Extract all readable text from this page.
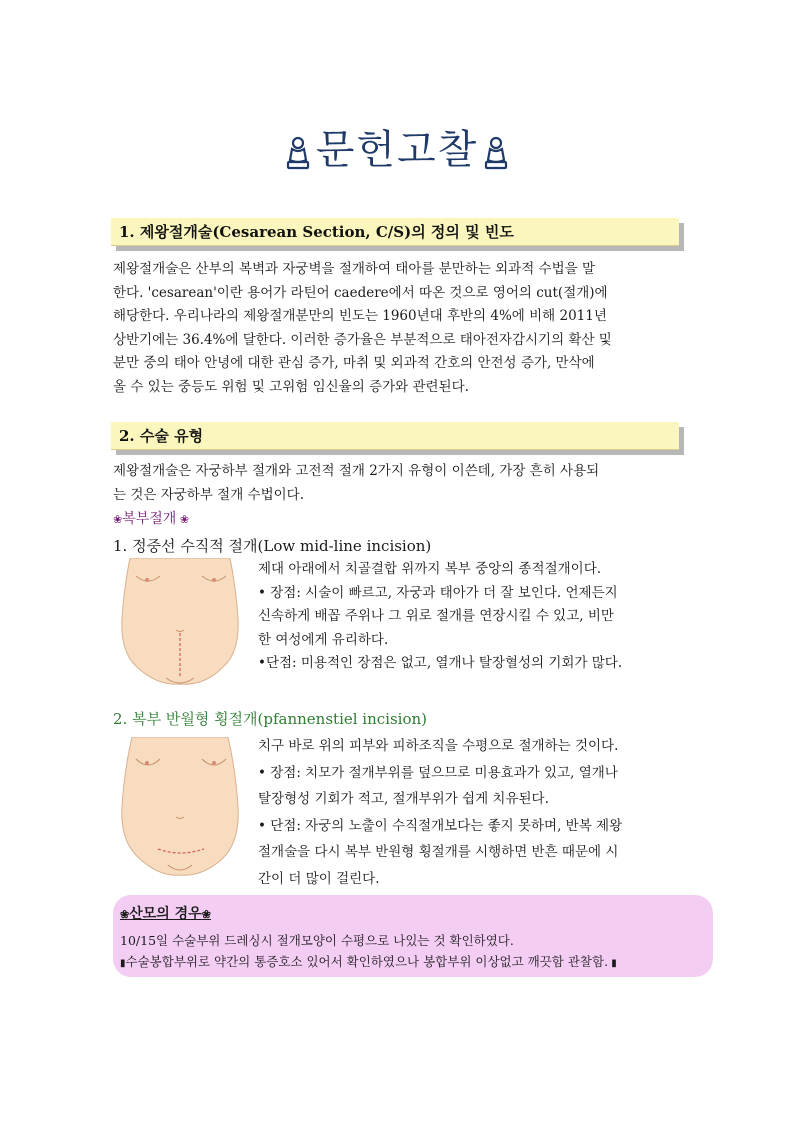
문헌고찰
1. 제왕절개술(Cesarean Section, C/S)의 정의 및 빈도

제왕절개술은 산부의 복벽과 자궁벽을 절개하여 태아를 분만하는 외과적 수법을 말

한다. 'cesarean'이란 용어가 라틴어 caedere에서 따온 것으로 영어의 cut(절개)에

해당한다. 우리나라의 제왕절개분만의 빈도는 1960년대 후반의 4%에 비해 2011년

상반기에는 36.4%에 달한다. 이러한 증가율은 부분적으로 태아전자감시기의 확산 및

분만 중의 태아 안녕에 대한 관심 증가, 마취 및 외과적 간호의 안전성 증가, 만삭에

올 수 있는 중등도 위험 및 고위험 임신율의 증가와 관련된다.

2. 수술 유형

제왕절개술은 자궁하부 절개와 고전적 절개 2가지 유형이 이쓴데, 가장 흔히 사용되

는 것은 자궁하부 절개 수법이다.

❀복부절개 ❀
1. 정중선 수직적 절개(Low mid-line incision)

제대 아래에서 치골결합 위까지 복부 중앙의 종적절개이다.

• 장점: 시술이 빠르고, 자궁과 태아가 더 잘 보인다. 언제든지

신속하게 배꼽 주위나 그 위로 절개를 연장시킬 수 있고, 비만

한 여성에게 유리하다.

•단점: 미용적인 장점은 없고, 열개나 탈장혈성의 기회가 많다.

2. 복부 반월형 횡절개(pfannenstiel incision)

치구 바로 위의 피부와 피하조직을 수평으로 절개하는 것이다.

• 장점: 치모가 절개부위를 덮으므로 미용효과가 있고, 열개나

탈장형성 기회가 적고, 절개부위가 쉽게 치유된다.

• 단점: 자궁의 노출이 수직절개보다는 좋지 못하며, 반복 제왕

절개술을 다시 복부 반원형 횡절개를 시행하면 반흔 때문에 시

간이 더 많이 걸린다.

❀산모의 경우❀
10/15일 수술부위 드레싱시 절개모양이 수평으로 나있는 것 확인하였다.
▮수술봉합부위로 약간의 통증호소 있어서 확인하였으나 봉합부위 이상없고 깨끗함 관찰함. ▮
